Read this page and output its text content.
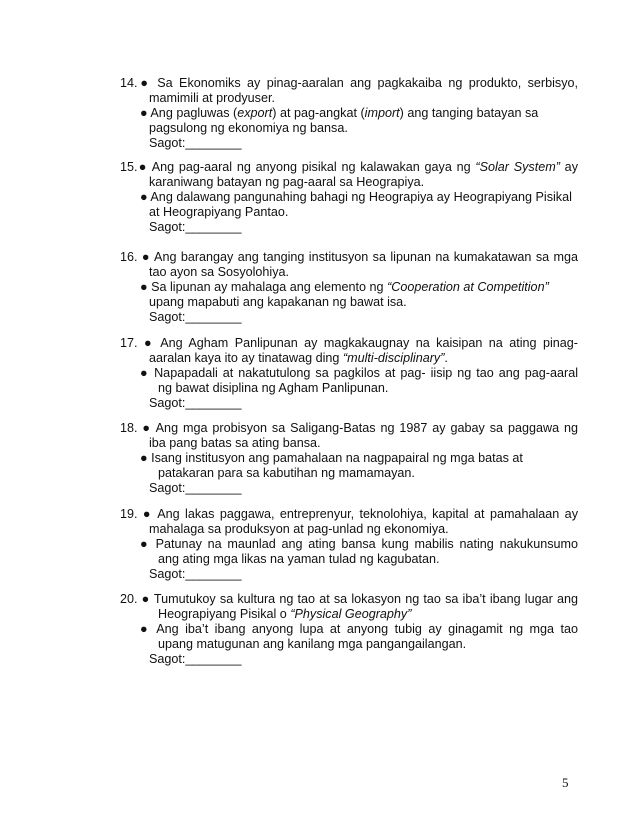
14.● Sa Ekonomiks ay pinag-aaralan ang pagkakaiba ng produkto, serbisyo,
mamimili at prodyuser.
● Ang pagluwas (export) at pag-angkat (import) ang tanging batayan sa
pagsulong ng ekonomiya ng bansa.
Sagot:________
15.● Ang pag-aaral ng anyong pisikal ng kalawakan gaya ng “Solar System” ay
karaniwang batayan ng pag-aaral sa Heograpiya.
● Ang dalawang pangunahing bahagi ng Heograpiya ay Heograpiyang Pisikal
at Heograpiyang Pantao.
Sagot:________
16. ● Ang barangay ang tanging institusyon sa lipunan na kumakatawan sa mga
tao ayon sa Sosyolohiya.
● Sa lipunan ay mahalaga ang elemento ng “Cooperation at Competition”
upang mapabuti ang kapakanan ng bawat isa.
Sagot:________
17. ● Ang Agham Panlipunan ay magkakaugnay na kaisipan na ating pinag-
aaralan kaya ito ay tinatawag ding “multi-disciplinary”.
● Napapadali at nakatutulong sa pagkilos at pag- iisip ng tao ang pag-aaral
ng bawat disiplina ng Agham Panlipunan.
Sagot:________
18. ● Ang mga probisyon sa Saligang-Batas ng 1987 ay gabay sa paggawa ng
iba pang batas sa ating bansa.
● Isang institusyon ang pamahalaan na nagpapairal ng mga batas at
patakaran para sa kabutihan ng mamamayan.
Sagot:________
19. ● Ang lakas paggawa, entreprenyur, teknolohiya, kapital at pamahalaan ay
mahalaga sa produksyon at pag-unlad ng ekonomiya.
● Patunay na maunlad ang ating bansa kung mabilis nating nakukunsumo
ang ating mga likas na yaman tulad ng kagubatan.
Sagot:________
20. ● Tumutukoy sa kultura ng tao at sa lokasyon ng tao sa iba’t ibang lugar ang
Heograpiyang Pisikal o “Physical Geography”
● Ang iba’t ibang anyong lupa at anyong tubig ay ginagamit ng mga tao
upang matugunan ang kanilang mga pangangailangan.
Sagot:________
5
